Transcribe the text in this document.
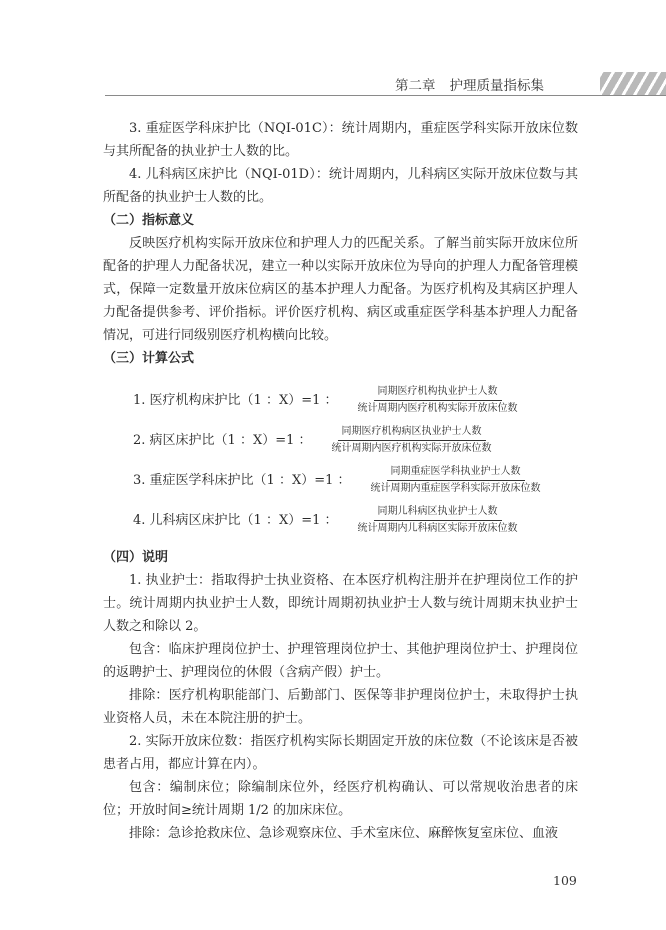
第二章 护理质量指标集

3. 重症医学科床护比（NQI-01C）：统计周期内，重症医学科实际开放床位数与其所配备的执业护士人数的比。

4. 儿科病区床护比（NQI-01D）：统计周期内，儿科病区实际开放床位数与其所配备的执业护士人数的比。

（二）指标意义

反映医疗机构实际开放床位和护理人力的匹配关系。了解当前实际开放床位所配备的护理人力配备状况，建立一种以实际开放床位为导向的护理人力配备管理模式，保障一定数量开放床位病区的基本护理人力配备。为医疗机构及其病区护理人力配备提供参考、评价指标。评价医疗机构、病区或重症医学科基本护理人力配备情况，可进行同级别医疗机构横向比较。

（三）计算公式

1. 医疗机构床护比（1 ：X）=1 ： $\frac{\text{同期医疗机构执业护士人数}}{\text{统计周期内医疗机构实际开放床位数}}$
2. 病区床护比（1 ：X）=1 ： $\frac{\text{同期医疗机构病区执业护士人数}}{\text{统计周期内医疗机构实际开放床位数}}$
3. 重症医学科床护比（1 ：X）=1 ： $\frac{\text{同期重症医学科执业护士人数}}{\text{统计周期内重症医学科实际开放床位数}}$
4. 儿科病区床护比（1 ：X）=1 ： $\frac{\text{同期儿科病区执业护士人数}}{\text{统计周期内儿科病区实际开放床位数}}$

（四）说明

1. 执业护士：指取得护士执业资格、在本医疗机构注册并在护理岗位工作的护士。统计周期内执业护士人数，即统计周期初执业护士人数与统计周期末执业护士人数之和除以 2。

包含：临床护理岗位护士、护理管理岗位护士、其他护理岗位护士、护理岗位的返聘护士、护理岗位的休假（含病产假）护士。

排除：医疗机构职能部门、后勤部门、医保等非护理岗位护士，未取得护士执业资格人员，未在本院注册的护士。

2. 实际开放床位数：指医疗机构实际长期固定开放的床位数（不论该床是否被患者占用，都应计算在内）。

包含：编制床位；除编制床位外，经医疗机构确认、可以常规收治患者的床位；开放时间≥统计周期 1/2 的加床床位。

排除：急诊抢救床位、急诊观察床位、手术室床位、麻醉恢复室床位、血液

109
